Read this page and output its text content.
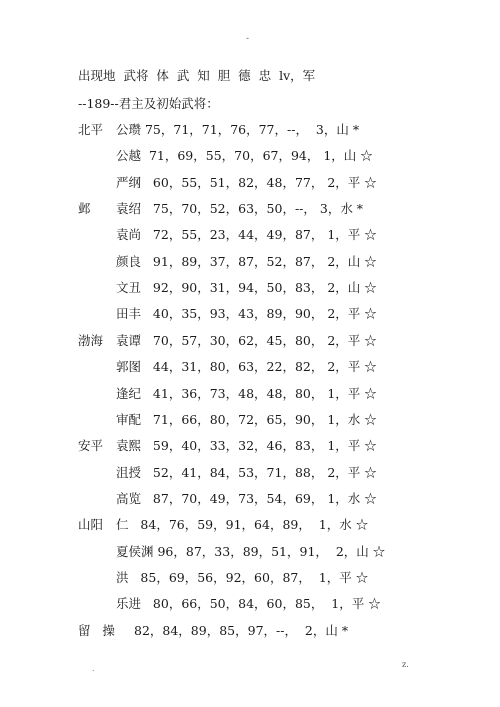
-
出现地  武将  体  武  知  胆  德  忠  lv，军
--189--君主及初始武将：
北平 公瓒 75，71，71，76，77，--，  3，山 *
公越  71，69，55，70，67，94， 1，山 ☆
严纲   60，55，51，82，48，77， 2，平 ☆
邺 袁绍   75，70，52，63，50，--， 3，水 *
袁尚   72，55，23，44，49，87， 1，平 ☆
颜良   91，89，37，87，52，87， 2，山 ☆
文丑   92，90，31，94，50，83， 2，山 ☆
田丰   40，35，93，43，89，90， 2，平 ☆
渤海 袁谭   70，57，30，62，45，80， 2，平 ☆
郭图   44，31，80，63，22，82， 2，平 ☆
逢纪   41，36，73，48，48，80， 1，平 ☆
审配   71，66，80，72，65，90， 1，水 ☆
安平 袁熙   59，40，33，32，46，83， 1，平 ☆
沮授   52，41，84，53，71，88， 2，平 ☆
高览   87，70，49，73，54，69， 1，水 ☆
山阳 仁   84，76，59，91，64，89，  1，水 ☆
夏侯渊 96，87，33，89，51，91，  2，山 ☆
洪   85，69，56，92，60，87，  1，平 ☆
乐进   80，66，50，84，60，85，  1，平 ☆
留   操 82，84，89，85，97，--，  2，山 *
.	z.
